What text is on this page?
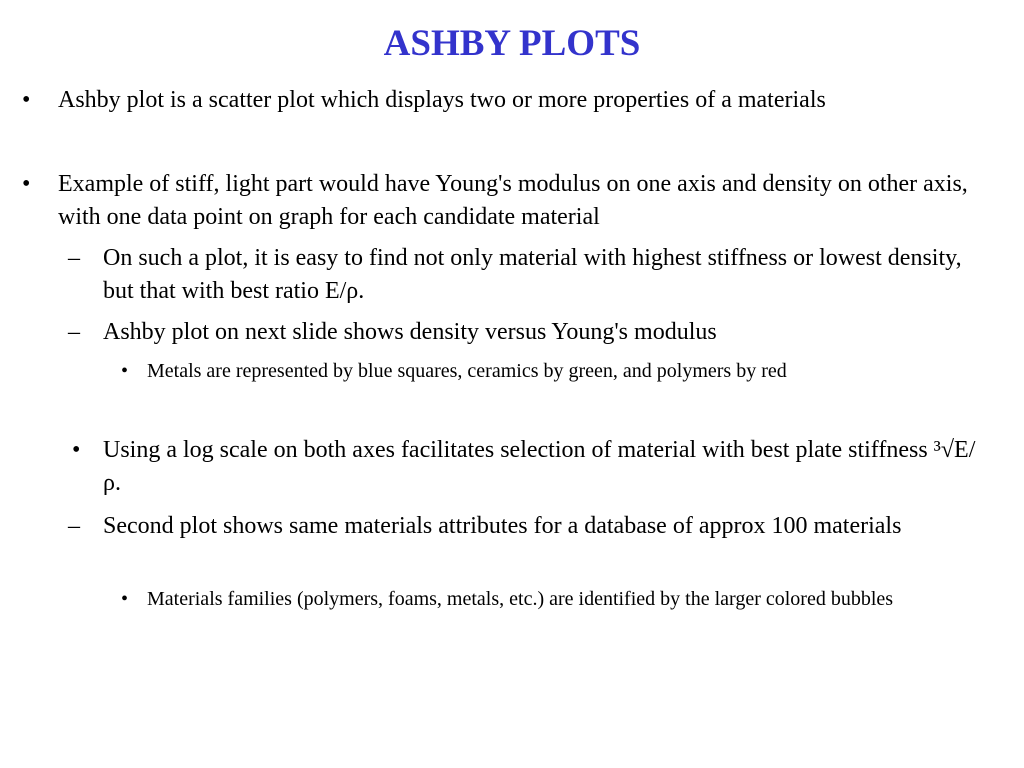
ASHBY PLOTS
• Ashby plot is a scatter plot which displays two or more properties of a materials
• Example of stiff, light part would have Young's modulus on one axis and density on other axis, with one data point on graph for each candidate material
– On such a plot, it is easy to find not only material with highest stiffness or lowest density, but that with best ratio E/ρ.
– Ashby plot on next slide shows density versus Young's modulus
• Metals are represented by blue squares, ceramics by green, and polymers by red
• Using a log scale on both axes facilitates selection of material with best plate stiffness ³√E/ρ.
– Second plot shows same materials attributes for a database of approx 100 materials
• Materials families (polymers, foams, metals, etc.) are identified by the larger colored bubbles
